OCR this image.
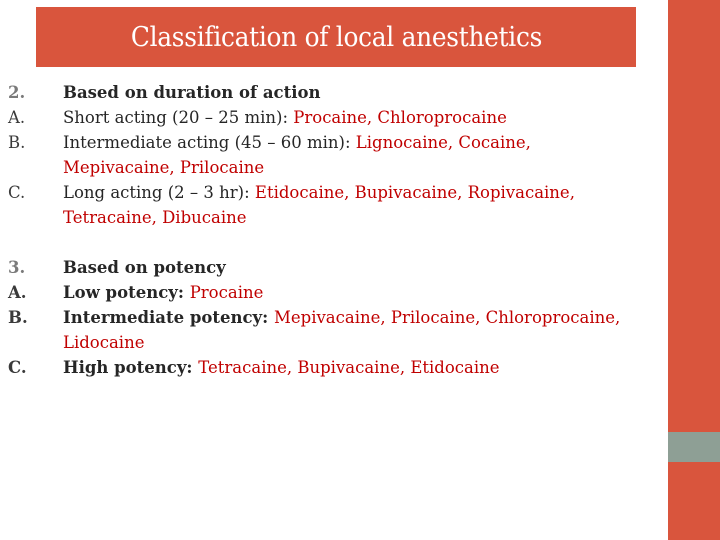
Classification of local anesthetics
2.	Based on duration of action
A.	Short acting (20 – 25 min): Procaine, Chloroprocaine
B.	Intermediate acting (45 – 60 min): Lignocaine, Cocaine,
Mepivacaine, Prilocaine
C.	Long acting (2 – 3 hr): Etidocaine, Bupivacaine, Ropivacaine,
Tetracaine, Dibucaine
3.	Based on potency
A.	Low potency: Procaine
B.	Intermediate potency: Mepivacaine, Prilocaine, Chloroprocaine,
Lidocaine
C.	High potency: Tetracaine, Bupivacaine, Etidocaine
